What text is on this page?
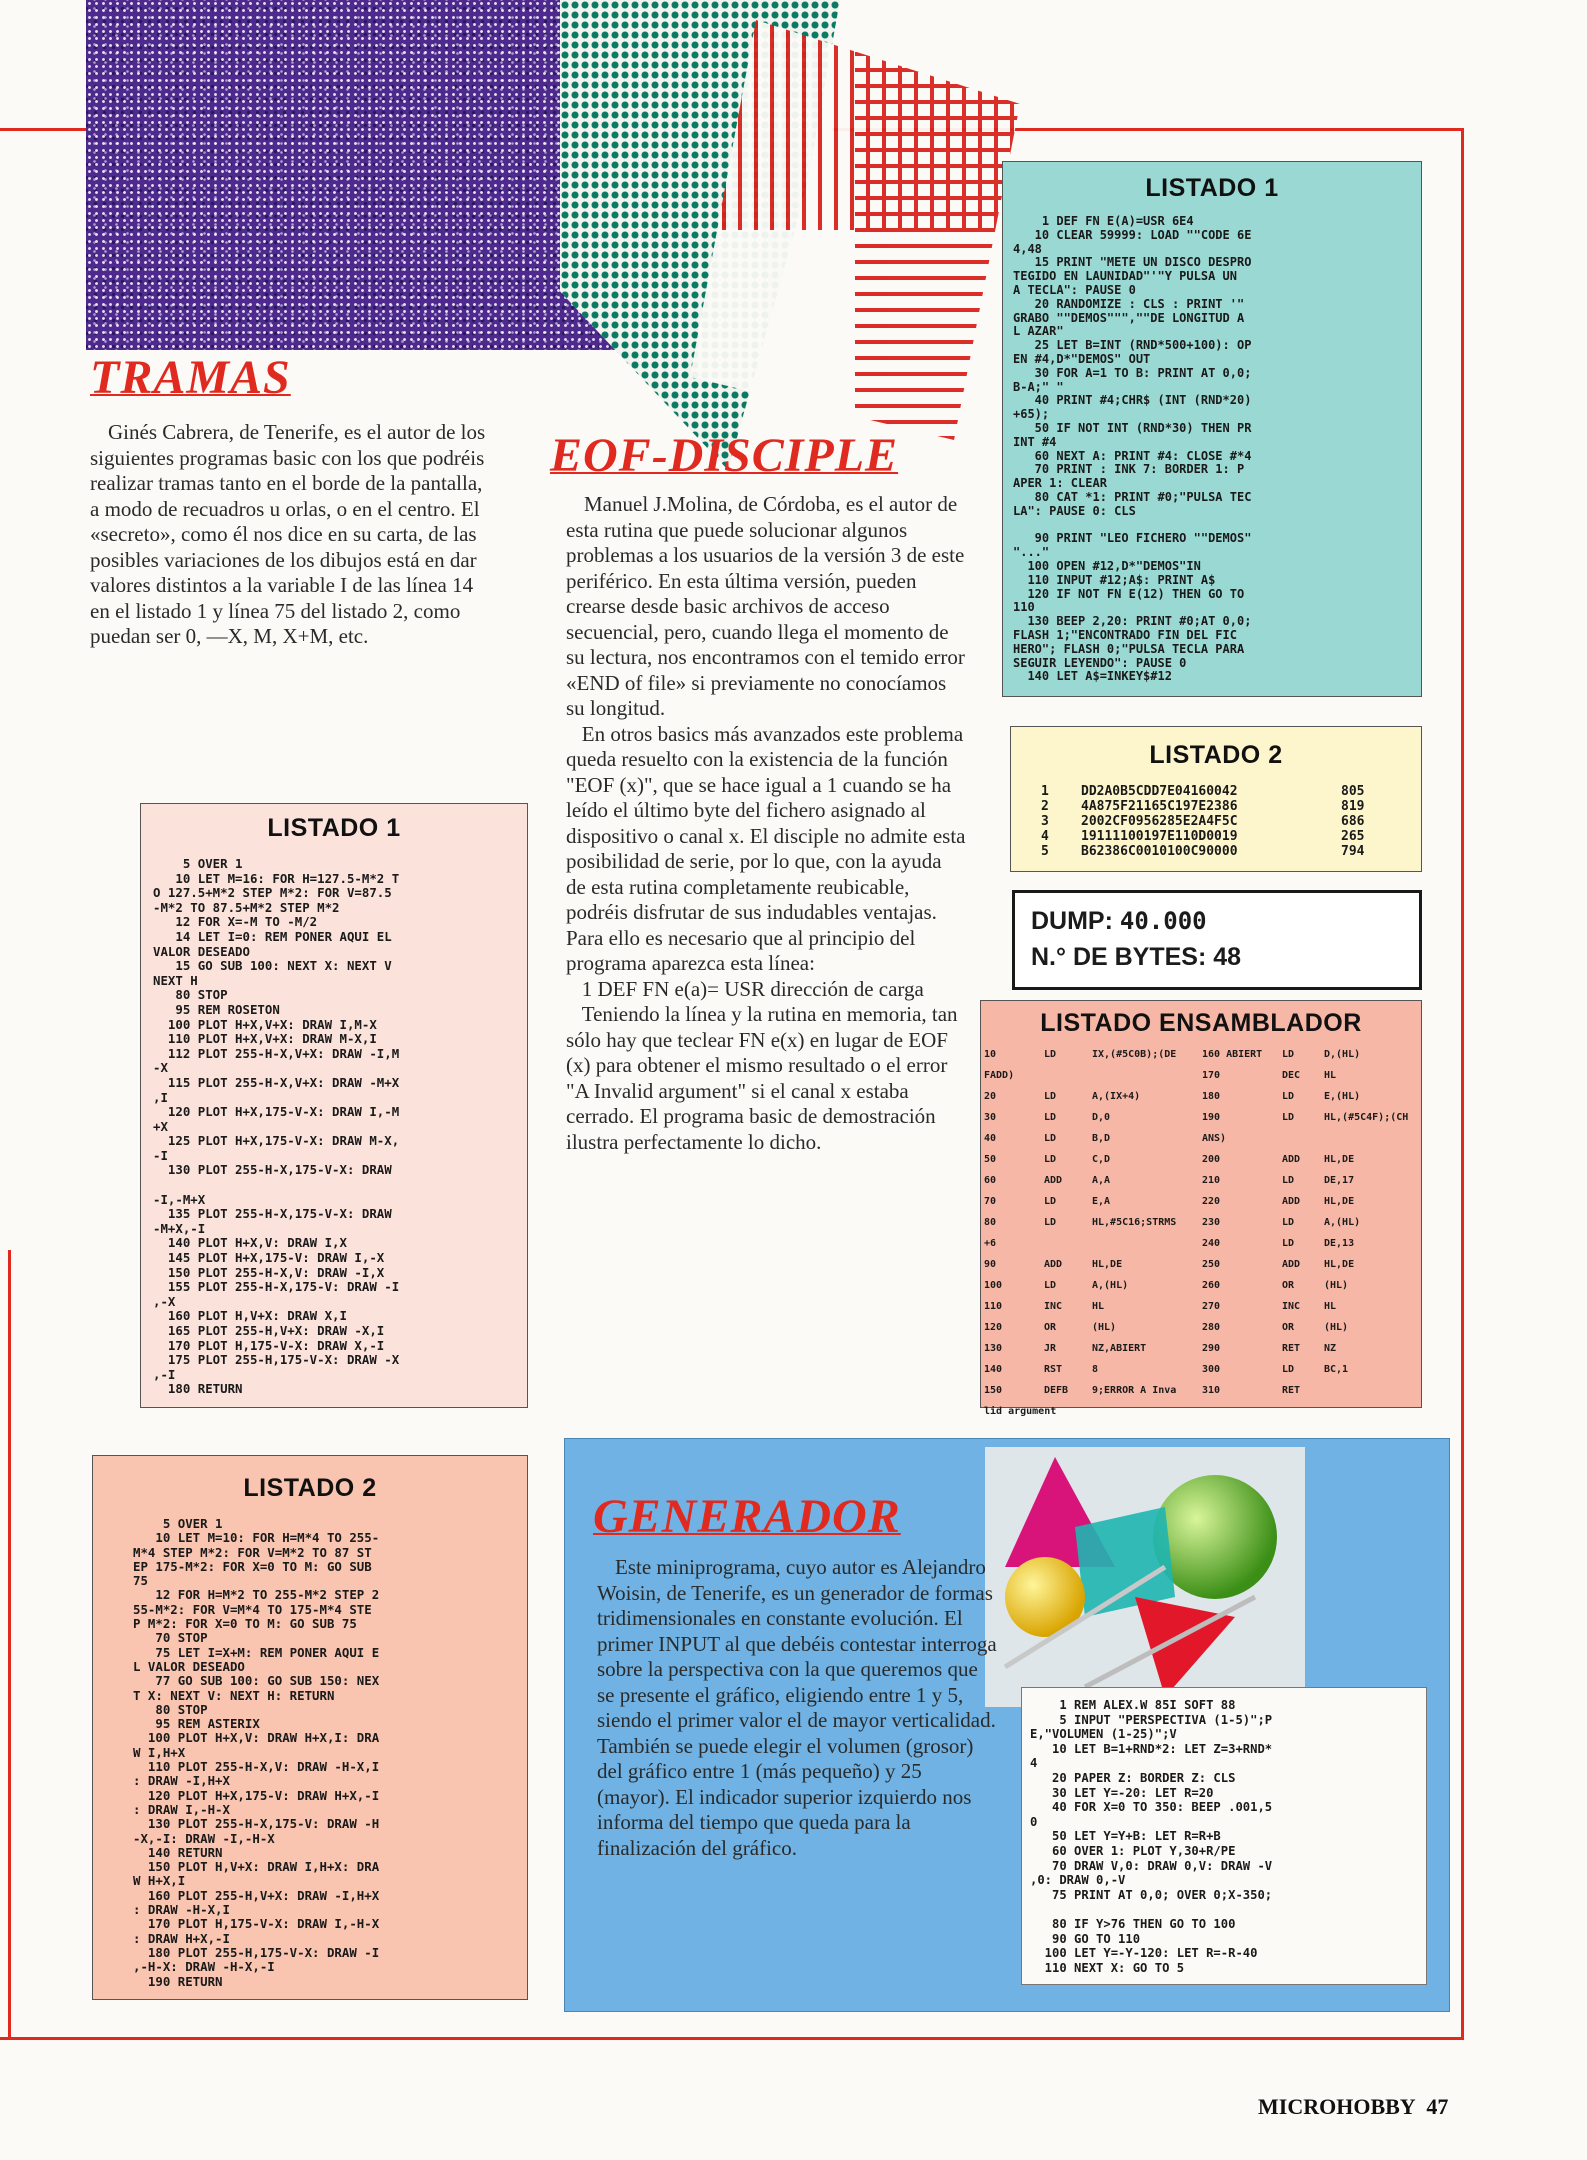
TRAMAS
Ginés Cabrera, de Tenerife, es el autor de los siguientes programas basic con los que podréis realizar tramas tanto en el borde de la pantalla, a modo de recuadros u orlas, o en el centro. El «secreto», como él nos dice en su carta, de las posibles variaciones de los dibujos está en dar valores distintos a la variable I de las línea 14 en el listado 1 y línea 75 del listado 2, como puedan ser 0, —X, M, X+M, etc.
LISTADO 1
5 OVER 1
10 LET M=16: FOR H=127.5-M*2 T
O 127.5+M*2 STEP M*2: FOR V=87.5
-M*2 TO 87.5+M*2 STEP M*2
12 FOR X=-M TO -M/2
14 LET I=0: REM PONER AQUI EL
VALOR DESEADO
15 GO SUB 100: NEXT X: NEXT V
NEXT H
80 STOP
95 REM ROSETON
100 PLOT H+X,V+X: DRAW I,M-X
110 PLOT H+X,V+X: DRAW M-X,I
112 PLOT 255-H-X,V+X: DRAW -I,M
-X
115 PLOT 255-H-X,V+X: DRAW -M+X
,I
120 PLOT H+X,175-V-X: DRAW I,-M
+X
125 PLOT H+X,175-V-X: DRAW M-X,
-I
130 PLOT 255-H-X,175-V-X: DRAW

-I,-M+X
135 PLOT 255-H-X,175-V-X: DRAW
-M+X,-I
140 PLOT H+X,V: DRAW I,X
145 PLOT H+X,175-V: DRAW I,-X
150 PLOT 255-H-X,V: DRAW -I,X
155 PLOT 255-H-X,175-V: DRAW -I
,-X
160 PLOT H,V+X: DRAW X,I
165 PLOT 255-H,V+X: DRAW -X,I
170 PLOT H,175-V-X: DRAW X,-I
175 PLOT 255-H,175-V-X: DRAW -X
,-I
180 RETURN
LISTADO 2
5 OVER 1
10 LET M=10: FOR H=M*4 TO 255-
M*4 STEP M*2: FOR V=M*2 TO 87 ST
EP 175-M*2: FOR X=0 TO M: GO SUB
75
12 FOR H=M*2 TO 255-M*2 STEP 2
55-M*2: FOR V=M*4 TO 175-M*4 STE
P M*2: FOR X=0 TO M: GO SUB 75
70 STOP
75 LET I=X+M: REM PONER AQUI E
L VALOR DESEADO
77 GO SUB 100: GO SUB 150: NEX
T X: NEXT V: NEXT H: RETURN
80 STOP
95 REM ASTERIX
100 PLOT H+X,V: DRAW H+X,I: DRA
W I,H+X
110 PLOT 255-H-X,V: DRAW -H-X,I
: DRAW -I,H+X
120 PLOT H+X,175-V: DRAW H+X,-I
: DRAW I,-H-X
130 PLOT 255-H-X,175-V: DRAW -H
-X,-I: DRAW -I,-H-X
140 RETURN
150 PLOT H,V+X: DRAW I,H+X: DRA
W H+X,I
160 PLOT 255-H,V+X: DRAW -I,H+X
: DRAW -H-X,I
170 PLOT H,175-V-X: DRAW I,-H-X
: DRAW H+X,-I
180 PLOT 255-H,175-V-X: DRAW -I
,-H-X: DRAW -H-X,-I
190 RETURN
EOF-DISCIPLE
Manuel J.Molina, de Córdoba, es el autor de esta rutina que puede solucionar algunos problemas a los usuarios de la versión 3 de este periférico. En esta última versión, pueden crearse desde basic archivos de acceso secuencial, pero, cuando llega el momento de su lectura, nos encontramos con el temido error «END of file» si previamente no conocíamos su longitud.
En otros basics más avanzados este problema queda resuelto con la existencia de la función "EOF (x)", que se hace igual a 1 cuando se ha leído el último byte del fichero asignado al dispositivo o canal x. El disciple no admite esta posibilidad de serie, por lo que, con la ayuda de esta rutina completamente reubicable, podréis disfrutar de sus indudables ventajas. Para ello es necesario que al principio del programa aparezca esta línea:
1 DEF FN e(a)= USR dirección de carga
Teniendo la línea y la rutina en memoria, tan sólo hay que teclear FN e(x) en lugar de EOF (x) para obtener el mismo resultado o el error "A Invalid argument" si el canal x estaba cerrado. El programa basic de demostración ilustra perfectamente lo dicho.
LISTADO 1
1 DEF FN E(A)=USR 6E4
10 CLEAR 59999: LOAD ""CODE 6E
4,48
15 PRINT "METE UN DISCO DESPRO
TEGIDO EN LAUNIDAD"'"Y PULSA UN
A TECLA": PAUSE 0
20 RANDOMIZE : CLS : PRINT '"
GRABO ""DEMOS""",""DE LONGITUD A
L AZAR"
25 LET B=INT (RND*500+100): OP
EN #4,D*"DEMOS" OUT
30 FOR A=1 TO B: PRINT AT 0,0;
B-A;" "
40 PRINT #4;CHR$ (INT (RND*20)
+65);
50 IF NOT INT (RND*30) THEN PR
INT #4
60 NEXT A: PRINT #4: CLOSE #*4
70 PRINT : INK 7: BORDER 1: P
APER 1: CLEAR
80 CAT *1: PRINT #0;"PULSA TEC
LA": PAUSE 0: CLS

90 PRINT "LEO FICHERO ""DEMOS"
"..."
100 OPEN #12,D*"DEMOS"IN
110 INPUT #12;A$: PRINT A$
120 IF NOT FN E(12) THEN GO TO
110
130 BEEP 2,20: PRINT #0;AT 0,0;
FLASH 1;"ENCONTRADO FIN DEL FIC
HERO"; FLASH 0;"PULSA TECLA PARA
SEGUIR LEYENDO": PAUSE 0
140 LET A$=INKEY$#12
LISTADO 2
1 DD2A0B5CDD7E04160042	805
2 4A875F21165C197E2386	819
3 2002CF0956285E2A4F5C	686
4 19111100197E110D0019	265
5 B62386C0010100C90000	794
DUMP: 40.000
N.° DE BYTES: 48
LISTADO ENSAMBLADOR
10	LD	IX,(#5C0B);(DE	160 ABIERT	LD	D,(HL)
FADD)			170	DEC	HL
20	LD	A,(IX+4)	180	LD	E,(HL)
30	LD	D,0	190	LD	HL,(#5C4F);(CH
40	LD	B,D	ANS)		
50	LD	C,D	200	ADD	HL,DE
60	ADD	A,A	210	LD	DE,17
70	LD	E,A	220	ADD	HL,DE
80	LD	HL,#5C16;STRMS	230	LD	A,(HL)
+6			240	LD	DE,13
90	ADD	HL,DE	250	ADD	HL,DE
100	LD	A,(HL)	260	OR	(HL)
110	INC	HL	270	INC	HL
120	OR	(HL)	280	OR	(HL)
130	JR	NZ,ABIERT	290	RET	NZ
140	RST	8	300	LD	BC,1
150	DEFB	9;ERROR A Inva	310	RET	
lid argument					
GENERADOR
Este miniprograma, cuyo autor es Alejandro Woisin, de Tenerife, es un generador de formas tridimensionales en constante evolución. El primer INPUT al que debéis contestar interroga sobre la perspectiva con la que queremos que se presente el gráfico, eligiendo entre 1 y 5, siendo el primer valor el de mayor verticalidad. También se puede elegir el volumen (grosor) del gráfico entre 1 (más pequeño) y 25 (mayor). El indicador superior izquierdo nos informa del tiempo que queda para la finalización del gráfico.
1 REM ALEX.W 85I SOFT 88
5 INPUT "PERSPECTIVA (1-5)";P
E,"VOLUMEN (1-25)";V
10 LET B=1+RND*2: LET Z=3+RND*
4
20 PAPER Z: BORDER Z: CLS
30 LET Y=-20: LET R=20
40 FOR X=0 TO 350: BEEP .001,5
0
50 LET Y=Y+B: LET R=R+B
60 OVER 1: PLOT Y,30+R/PE
70 DRAW V,0: DRAW 0,V: DRAW -V
,0: DRAW 0,-V
75 PRINT AT 0,0; OVER 0;X-350;

80 IF Y>76 THEN GO TO 100
90 GO TO 110
100 LET Y=-Y-120: LET R=-R-40
110 NEXT X: GO TO 5
MICROHOBBY 47
